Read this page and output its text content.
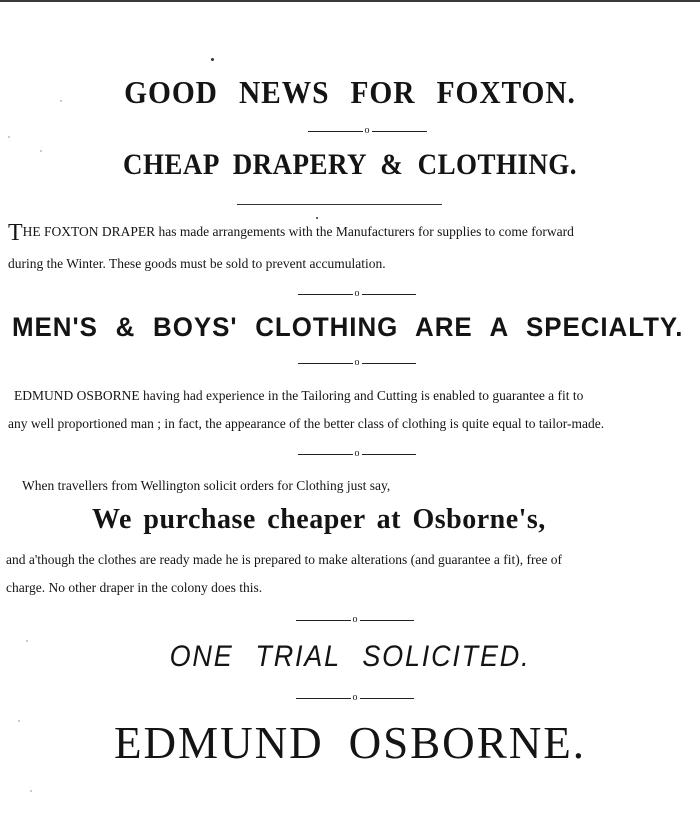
GOOD NEWS FOR FOXTON.
o
CHEAP DRAPERY & CLOTHING.
THE FOXTON DRAPER has made arrangements with the Manufacturers for supplies to come forward
during the Winter. These goods must be sold to prevent accumulation.
o
MEN'S & BOYS' CLOTHING ARE A SPECIALTY.
o
EDMUND OSBORNE having had experience in the Tailoring and Cutting is enabled to guarantee a fit to
any well proportioned man ; in fact, the appearance of the better class of clothing is quite equal to tailor-made.
o
When travellers from Wellington solicit orders for Clothing just say,
We purchase cheaper at Osborne's,
and a'though the clothes are ready made he is prepared to make alterations (and guarantee a fit), free of
charge. No other draper in the colony does this.
o
ONE TRIAL SOLICITED.
o
EDMUND OSBORNE.
